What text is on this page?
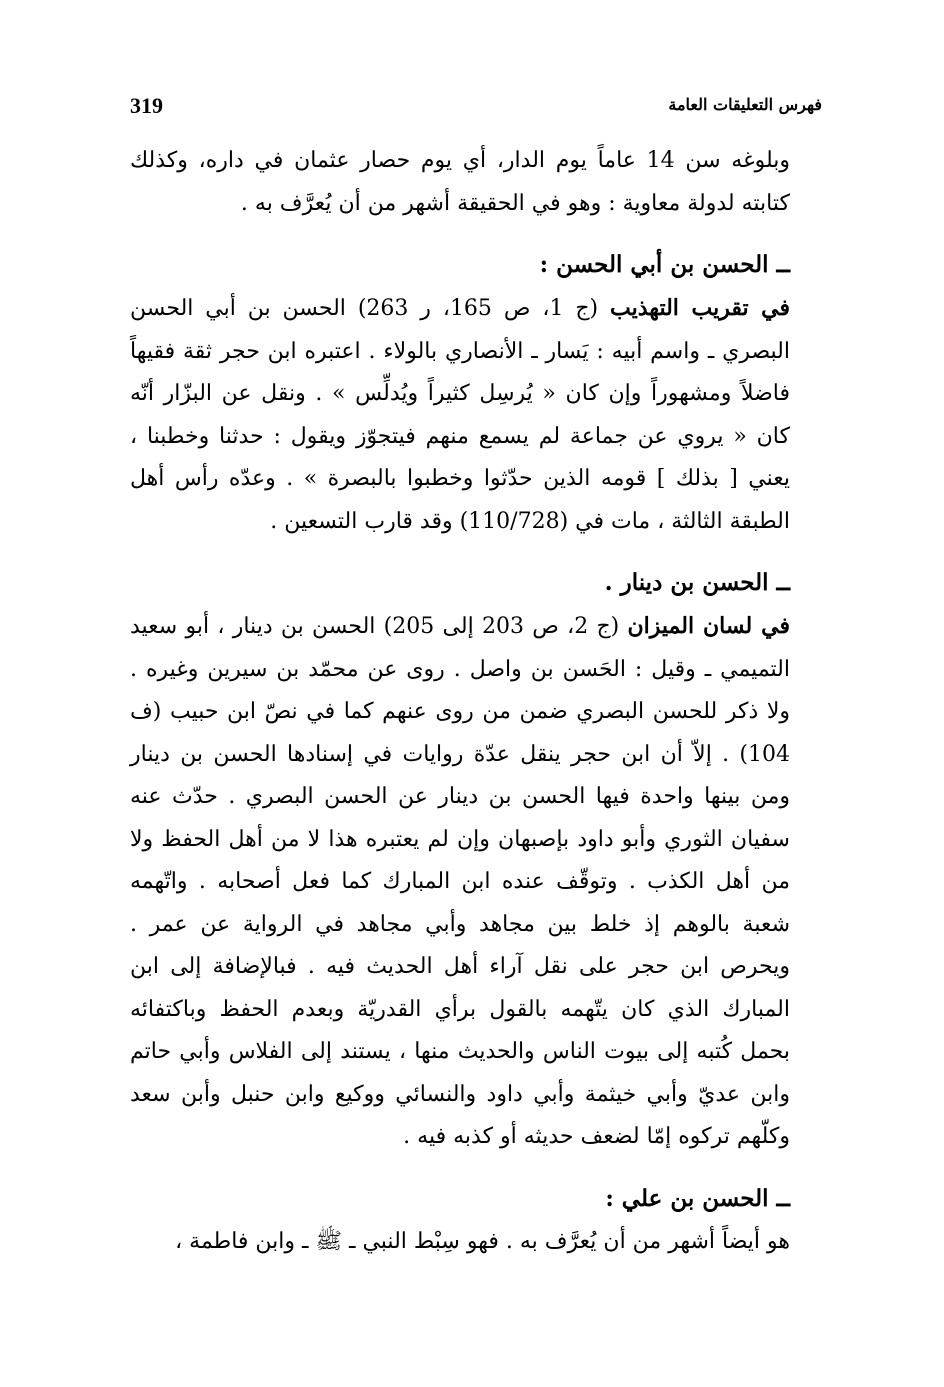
319	فهرس التعليقات العامة

وبلوغه سن 14 عاماً يوم الدار، أي يوم حصار عثمان في داره، وكذلك كتابته لدولة معاوية : وهو في الحقيقة أشهر من أن يُعرَّف به .

ــ الحسن بن أبي الحسن :

في تقريب التهذيب (ج 1، ص 165، ر 263) الحسن بن أبي الحسن البصري ـ واسم أبيه : يَسار ـ الأنصاري بالولاء . اعتبره ابن حجر ثقة فقيهاً فاضلاً ومشهوراً وإن كان « يُرسِل كثيراً ويُدلِّس » . ونقل عن البزّار أنّه كان « يروي عن جماعة لم يسمع منهم فيتجوّز ويقول : حدثنا وخطبنا ، يعني [ بذلك ] قومه الذين حدّثوا وخطبوا بالبصرة » . وعدّه رأس أهل الطبقة الثالثة ، مات في (110/728) وقد قارب التسعين .

ــ الحسن بن دينار .

في لسان الميزان (ج 2، ص 203 إلى 205) الحسن بن دينار ، أبو سعيد التميمي ـ وقيل : الحَسن بن واصل . روى عن محمّد بن سيرين وغيره . ولا ذكر للحسن البصري ضمن من روى عنهم كما في نصّ ابن حبيب (ف 104) . إلاّ أن ابن حجر ينقل عدّة روايات في إسنادها الحسن بن دينار ومن بينها واحدة فيها الحسن بن دينار عن الحسن البصري . حدّث عنه سفيان الثوري وأبو داود بإصبهان وإن لم يعتبره هذا لا من أهل الحفظ ولا من أهل الكذب . وتوقّف عنده ابن المبارك كما فعل أصحابه . واتّهمه شعبة بالوهم إذ خلط بين مجاهد وأبي مجاهد في الرواية عن عمر . ويحرص ابن حجر على نقل آراء أهل الحديث فيه . فبالإضافة إلى ابن المبارك الذي كان يتّهمه بالقول برأي القدريّة وبعدم الحفظ وباكتفائه بحمل كُتبه إلى بيوت الناس والحديث منها ، يستند إلى الفلاس وأبي حاتم وابن عديّ وأبي خيثمة وأبي داود والنسائي ووكيع وابن حنبل وأبن سعد وكلّهم تركوه إمّا لضعف حديثه أو كذبه فيه .

ــ الحسن بن علي :

هو أيضاً أشهر من أن يُعرَّف به . فهو سِبْط النبي ـ ﷺ ـ وابن فاطمة ،
